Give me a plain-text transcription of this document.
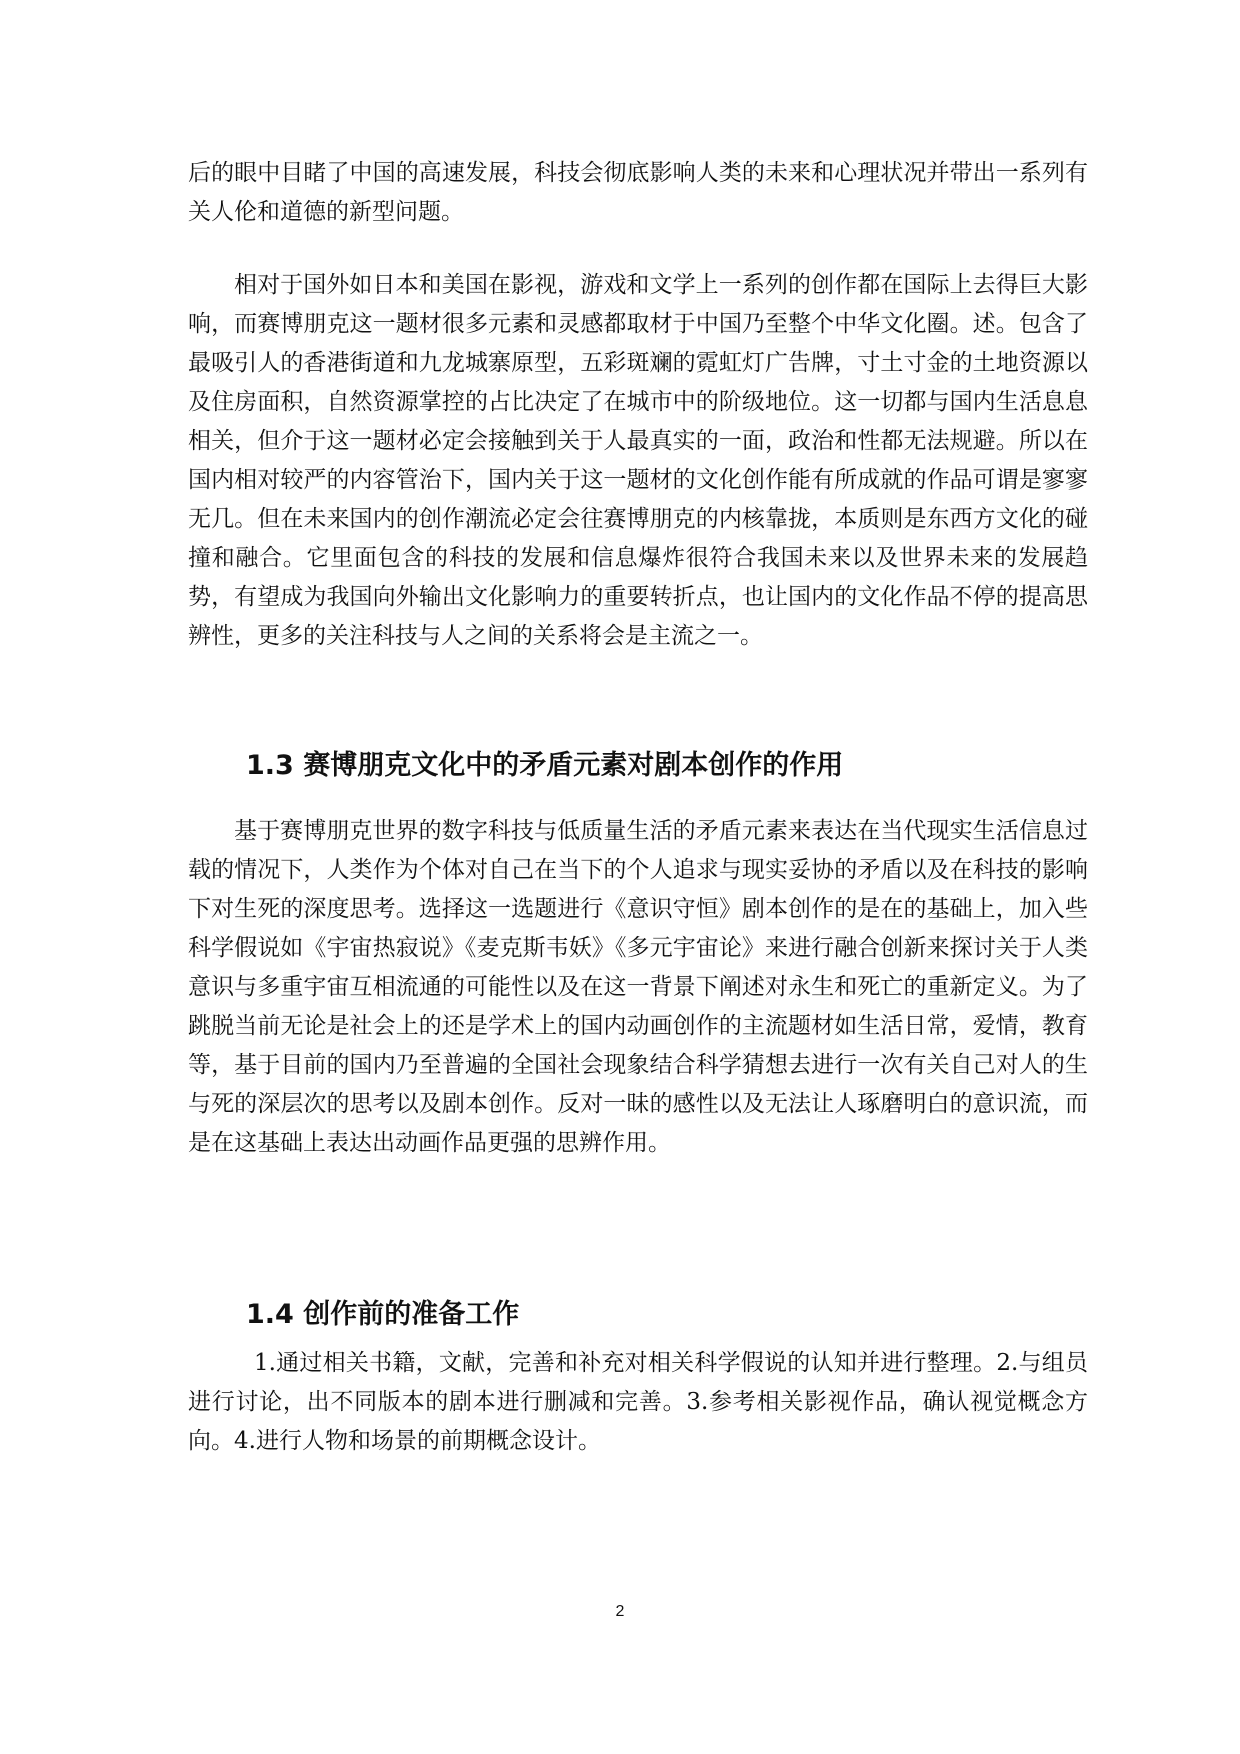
后的眼中目睹了中国的高速发展，科技会彻底影响人类的未来和心理状况并带出一系列有关人伦和道德的新型问题。

相对于国外如日本和美国在影视，游戏和文学上一系列的创作都在国际上去得巨大影响，而赛博朋克这一题材很多元素和灵感都取材于中国乃至整个中华文化圈。述。包含了最吸引人的香港街道和九龙城寨原型，五彩斑斓的霓虹灯广告牌，寸土寸金的土地资源以及住房面积，自然资源掌控的占比决定了在城市中的阶级地位。这一切都与国内生活息息相关，但介于这一题材必定会接触到关于人最真实的一面，政治和性都无法规避。所以在国内相对较严的内容管治下，国内关于这一题材的文化创作能有所成就的作品可谓是寥寥无几。但在未来国内的创作潮流必定会往赛博朋克的内核靠拢，本质则是东西方文化的碰撞和融合。它里面包含的科技的发展和信息爆炸很符合我国未来以及世界未来的发展趋势，有望成为我国向外输出文化影响力的重要转折点，也让国内的文化作品不停的提高思辨性，更多的关注科技与人之间的关系将会是主流之一。

1.3 赛博朋克文化中的矛盾元素对剧本创作的作用

基于赛博朋克世界的数字科技与低质量生活的矛盾元素来表达在当代现实生活信息过载的情况下，人类作为个体对自己在当下的个人追求与现实妥协的矛盾以及在科技的影响下对生死的深度思考。选择这一选题进行《意识守恒》剧本创作的是在的基础上，加入些科学假说如《宇宙热寂说》《麦克斯韦妖》《多元宇宙论》来进行融合创新来探讨关于人类意识与多重宇宙互相流通的可能性以及在这一背景下阐述对永生和死亡的重新定义。为了跳脱当前无论是社会上的还是学术上的国内动画创作的主流题材如生活日常，爱情，教育等，基于目前的国内乃至普遍的全国社会现象结合科学猜想去进行一次有关自己对人的生与死的深层次的思考以及剧本创作。反对一昧的感性以及无法让人琢磨明白的意识流，而是在这基础上表达出动画作品更强的思辨作用。

1.4 创作前的准备工作

1.通过相关书籍，文献，完善和补充对相关科学假说的认知并进行整理。2.与组员进行讨论，出不同版本的剧本进行删减和完善。3.参考相关影视作品，确认视觉概念方向。4.进行人物和场景的前期概念设计。

2
